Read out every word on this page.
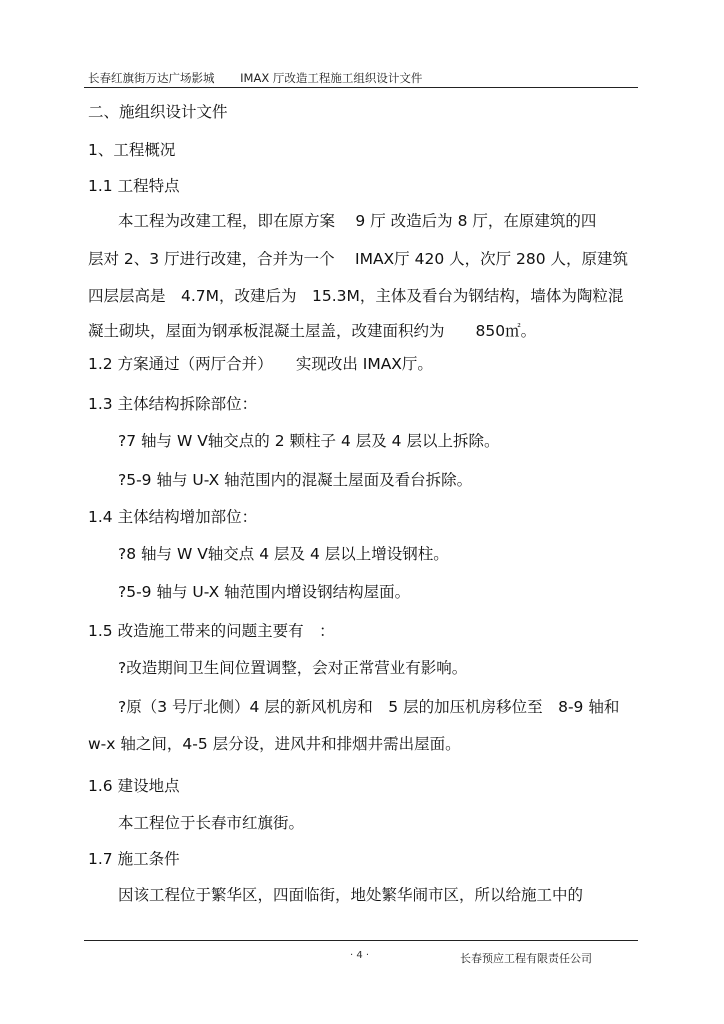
长春红旗街万达广场影城 IMAX 厅改造工程施工组织设计文件
二、施组织设计文件
1、工程概况
1.1 工程特点
本工程为改建工程，即在原方案　 9 厅 改造后为 8 厅，在原建筑的四
层对 2、3 厅进行改建，合并为一个　 IMAX厅 420 人，次厅 280 人，原建筑
四层层高是　4.7M，改建后为　15.3M，主体及看台为钢结构，墙体为陶粒混
凝土砌块，屋面为钢承板混凝土屋盖，改建面积约为　　850㎡。
1.2 方案通过（两厅合并）　　实现改出 IMAX厅。
1.3 主体结构拆除部位：
?7 轴与 W V轴交点的 2 颗柱子 4 层及 4 层以上拆除。
?5-9 轴与 U-X 轴范围内的混凝土屋面及看台拆除。
1.4 主体结构增加部位：
?8 轴与 W V轴交点 4 层及 4 层以上增设钢柱。
?5-9 轴与 U-X 轴范围内增设钢结构屋面。
1.5 改造施工带来的问题主要有　：
?改造期间卫生间位置调整，会对正常营业有影响。
?原（3 号厅北侧）4 层的新风机房和　5 层的加压机房移位至　8-9 轴和
w-x 轴之间，4-5 层分设，进风井和排烟井需出屋面。
1.6 建设地点
本工程位于长春市红旗街。
1.7 施工条件
因该工程位于繁华区，四面临街，地处繁华闹市区，所以给施工中的
· 4 ·	长春预应工程有限责任公司
